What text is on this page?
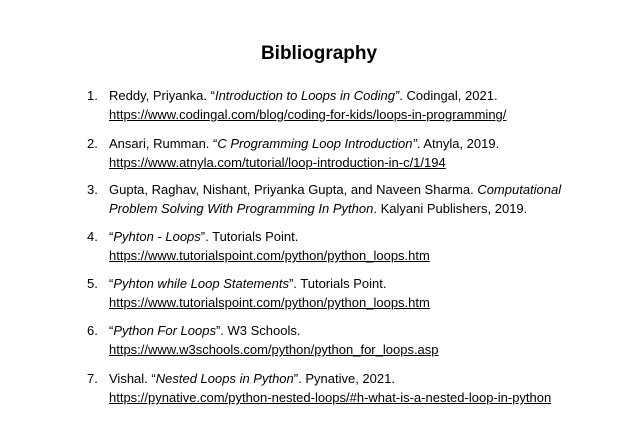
Bibliography
1. Reddy, Priyanka. “Introduction to Loops in Coding”. Codingal, 2021.
https://www.codingal.com/blog/coding-for-kids/loops-in-programming/
2. Ansari, Rumman. “C Programming Loop Introduction”. Atnyla, 2019.
https://www.atnyla.com/tutorial/loop-introduction-in-c/1/194
3. Gupta, Raghav, Nishant, Priyanka Gupta, and Naveen Sharma. Computational
Problem Solving With Programming In Python. Kalyani Publishers, 2019.
4. “Pyhton - Loops”. Tutorials Point.
https://www.tutorialspoint.com/python/python_loops.htm
5. “Pyhton while Loop Statements”. Tutorials Point.
https://www.tutorialspoint.com/python/python_loops.htm
6. “Python For Loops”. W3 Schools.
https://www.w3schools.com/python/python_for_loops.asp
7. Vishal. “Nested Loops in Python”. Pynative, 2021.
https://pynative.com/python-nested-loops/#h-what-is-a-nested-loop-in-python
